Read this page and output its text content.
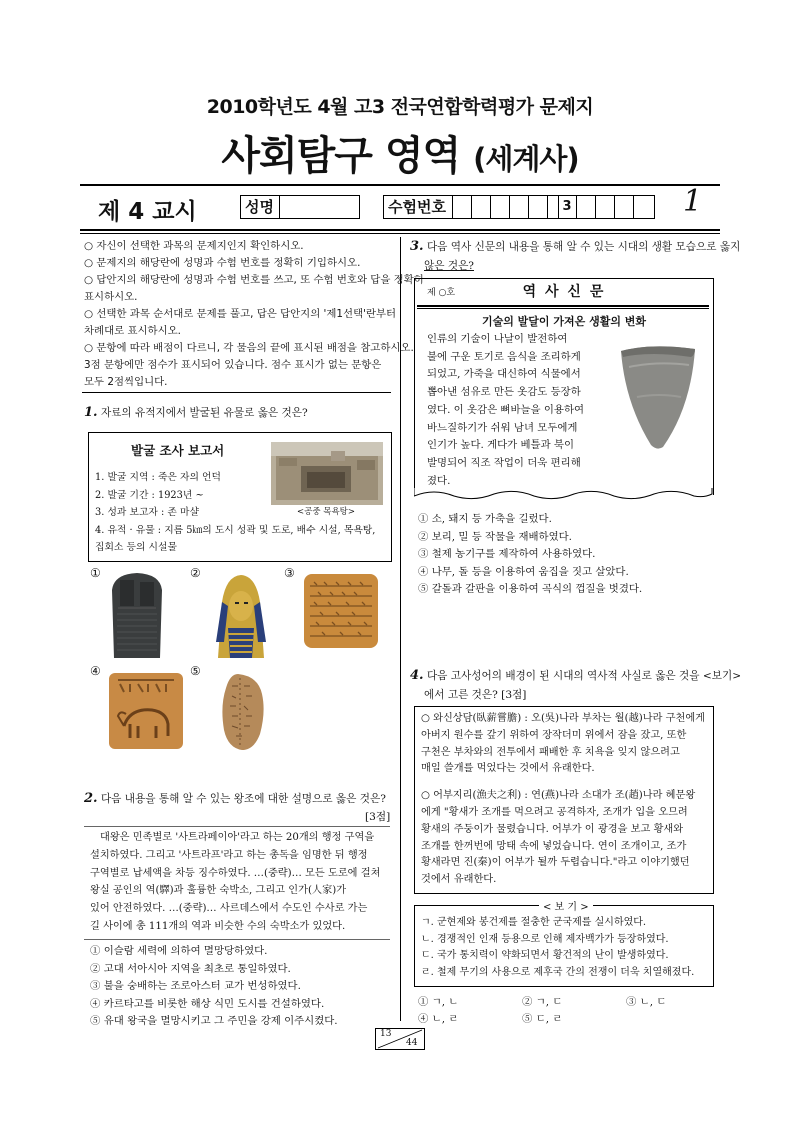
2010학년도 4월 고3 전국연합학력평가 문제지
사회탐구 영역 (세계사)
제 4 교시	성명	수험번호	3	1
○ 자신이 선택한 과목의 문제지인지 확인하시오.
○ 문제지의 해당란에 성명과 수험 번호를 정확히 기입하시오.
○ 답안지의 해당란에 성명과 수험 번호를 쓰고, 또 수험 번호와 답을 정확히
표시하시오.
○ 선택한 과목 순서대로 문제를 풀고, 답은 답안지의 '제1선택'란부터
차례대로 표시하시오.
○ 문항에 따라 배점이 다르니, 각 물음의 끝에 표시된 배점을 참고하시오.
3점 문항에만 점수가 표시되어 있습니다. 점수 표시가 없는 문항은
모두 2점씩입니다.
1. 자료의 유적지에서 발굴된 유물로 옳은 것은?
발굴 조사 보고서
1. 발굴 지역 : 죽은 자의 언덕
2. 발굴 기간 : 1923년 ~
3. 성과 보고자 : 존 마샬
4. 유적 · 유물 : 지름 5㎞의 도시 성곽 및 도로, 배수 시설, 목욕탕,
집회소 등의 시설물
<공중 목욕탕>
①	②	③
④	⑤
2. 다음 내용을 통해 알 수 있는 왕조에 대한 설명으로 옳은 것은?
[3점]
대왕은 민족별로 '사트라페이아'라고 하는 20개의 행정 구역을
설치하였다. 그리고 '사트라프'라고 하는 총독을 임명한 뒤 행정
구역별로 납세액을 차등 징수하였다. …(중략)… 모든 도로에 걸쳐
왕실 공인의 역(驛)과 훌륭한 숙박소, 그리고 인가(人家)가
있어 안전하였다. …(중략)… 사르데스에서 수도인 수사로 가는
길 사이에 총 111개의 역과 비슷한 수의 숙박소가 있었다.
① 이슬람 세력에 의하여 멸망당하였다.
② 고대 서아시아 지역을 최초로 통일하였다.
③ 불을 숭배하는 조로아스터 교가 번성하였다.
④ 카르타고를 비롯한 해상 식민 도시를 건설하였다.
⑤ 유대 왕국을 멸망시키고 그 주민을 강제 이주시켰다.
3. 다음 역사 신문의 내용을 통해 알 수 있는 시대의 생활 모습으로 옳지
않은 것은?
제 ○호	역 사 신 문
기술의 발달이 가져온 생활의 변화
인류의 기술이 나날이 발전하여
불에 구운 토기로 음식을 조리하게
되었고, 가죽을 대신하여 식물에서
뽑아낸 섬유로 만든 옷감도 등장하
였다. 이 옷감은 뼈바늘을 이용하여
바느질하기가 쉬워 남녀 모두에게
인기가 높다. 게다가 베틀과 북이
발명되어 직조 작업이 더욱 편리해
졌다.
① 소, 돼지 등 가축을 길렀다.
② 보리, 밀 등 작물을 재배하였다.
③ 철제 농기구를 제작하여 사용하였다.
④ 나무, 돌 등을 이용하여 움집을 짓고 살았다.
⑤ 갈돌과 갈판을 이용하여 곡식의 껍질을 벗겼다.
4. 다음 고사성어의 배경이 된 시대의 역사적 사실로 옳은 것을 <보기>
에서 고른 것은? [3점]
○ 와신상담(臥薪嘗膽) : 오(吳)나라 부차는 월(越)나라 구천에게
아버지 원수를 갚기 위하여 장작더미 위에서 잠을 잤고, 또한
구천은 부차와의 전투에서 패배한 후 치욕을 잊지 않으려고
매일 쓸개를 먹었다는 것에서 유래한다.
○ 어부지리(漁夫之利) : 연(燕)나라 소대가 조(趙)나라 혜문왕
에게 "황새가 조개를 먹으려고 공격하자, 조개가 입을 오므려
황새의 주둥이가 물렸습니다. 어부가 이 광경을 보고 황새와
조개를 한꺼번에 망태 속에 넣었습니다. 연이 조개이고, 조가
황새라면 진(秦)이 어부가 될까 두렵습니다."라고 이야기했던
것에서 유래한다.
< 보 기 >
ㄱ. 군현제와 봉건제를 절충한 군국제를 실시하였다.
ㄴ. 경쟁적인 인재 등용으로 인해 제자백가가 등장하였다.
ㄷ. 국가 통치력이 약화되면서 황건적의 난이 발생하였다.
ㄹ. 철제 무기의 사용으로 제후국 간의 전쟁이 더욱 치열해졌다.
① ㄱ, ㄴ	② ㄱ, ㄷ	③ ㄴ, ㄷ
④ ㄴ, ㄹ	⑤ ㄷ, ㄹ
13
44
